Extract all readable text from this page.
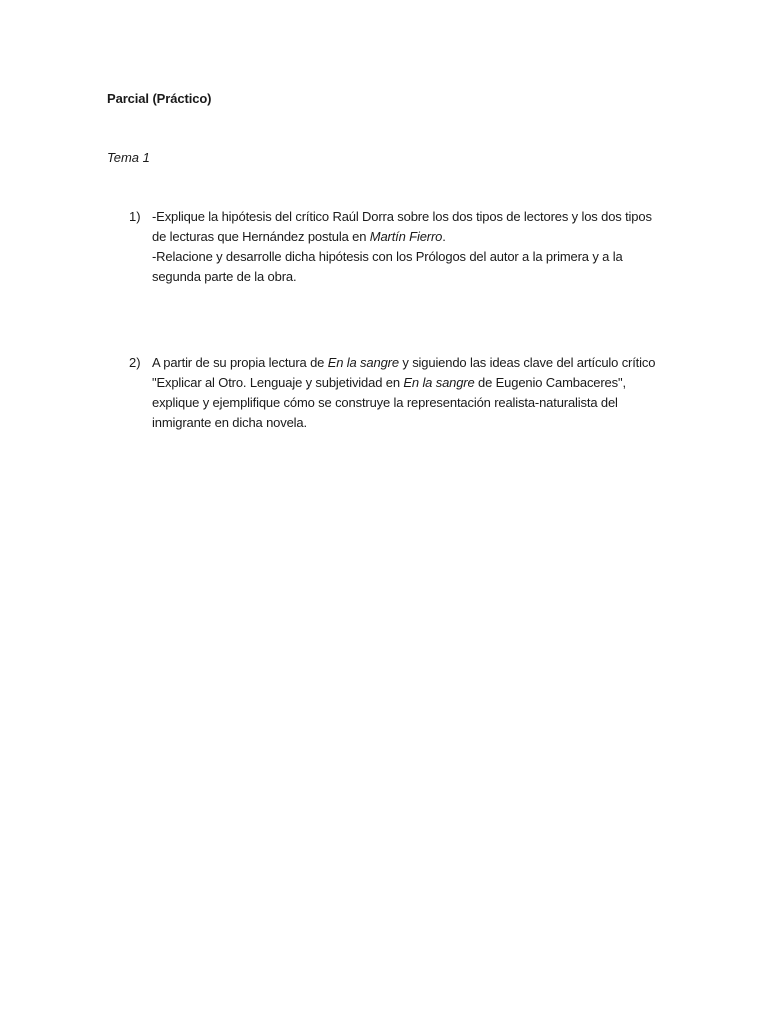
Parcial (Práctico)
Tema 1
1) -Explique la hipótesis del crítico Raúl Dorra sobre los dos tipos de lectores y los dos tipos de lecturas que Hernández postula en Martín Fierro.

-Relacione y desarrolle dicha hipótesis con los Prólogos del autor a la primera y a la segunda parte de la obra.

2) A partir de su propia lectura de En la sangre y siguiendo las ideas clave del artículo crítico "Explicar al Otro. Lenguaje y subjetividad en En la sangre de Eugenio Cambaceres", explique y ejemplifique cómo se construye la representación realista-naturalista del inmigrante en dicha novela.
